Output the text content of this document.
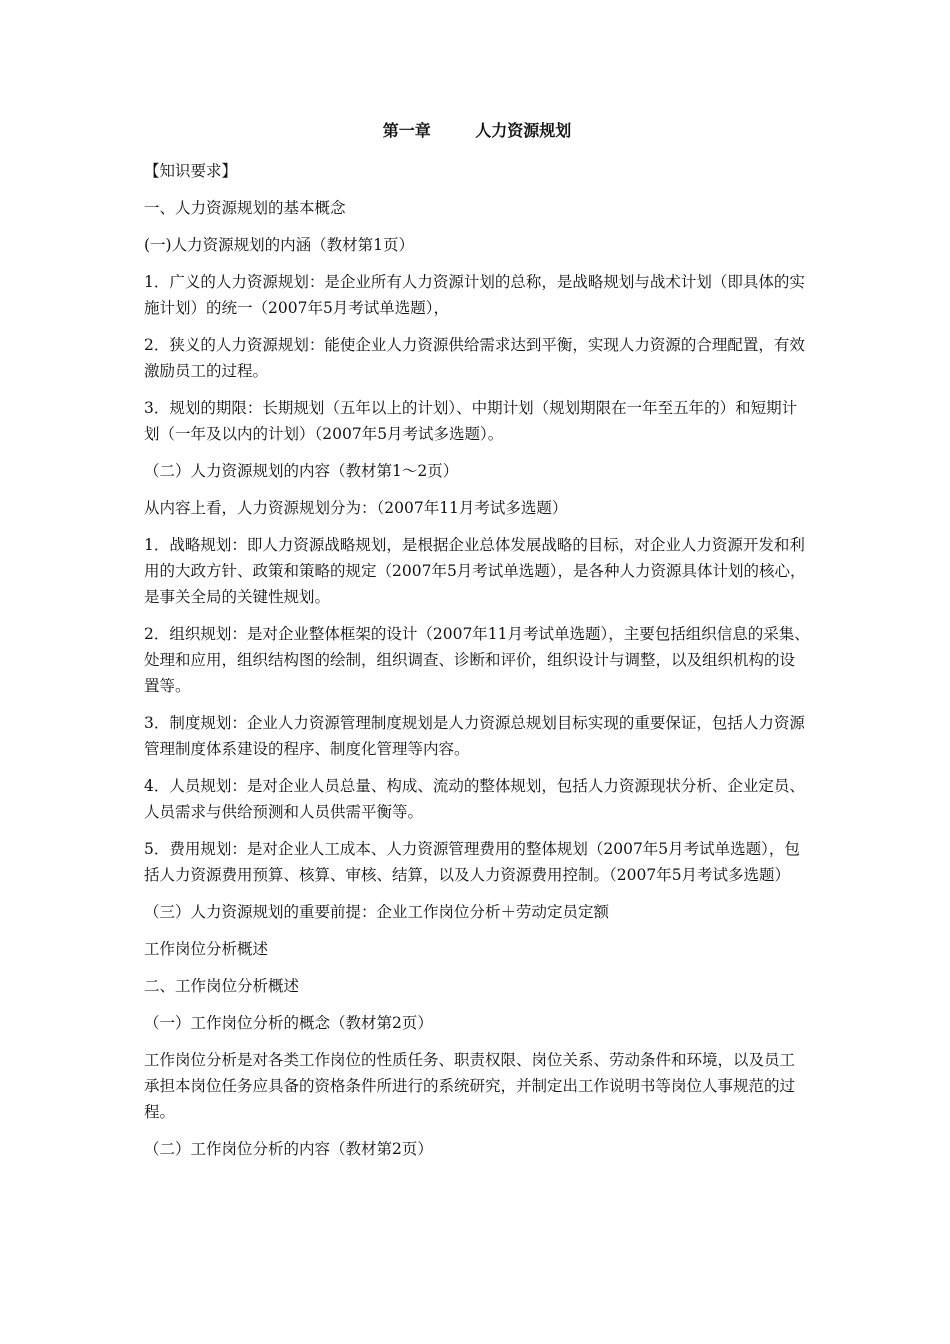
第一章        人力资源规划

【知识要求】

一、人力资源规划的基本概念

(一)人力资源规划的内涵（教材第1页）

1．广义的人力资源规划：是企业所有人力资源计划的总称，是战略规划与战术计划（即具体的实施计划）的统一（2007年5月考试单选题），

2．狭义的人力资源规划：能使企业人力资源供给需求达到平衡，实现人力资源的合理配置，有效激励员工的过程。

3．规划的期限：长期规划（五年以上的计划）、中期计划（规划期限在一年至五年的）和短期计划（一年及以内的计划）（2007年5月考试多选题）。

（二）人力资源规划的内容（教材第1～2页）

从内容上看，人力资源规划分为：（2007年11月考试多选题）

1．战略规划：即人力资源战略规划，是根据企业总体发展战略的目标，对企业人力资源开发和利用的大政方针、政策和策略的规定（2007年5月考试单选题），是各种人力资源具体计划的核心，是事关全局的关键性规划。

2．组织规划：是对企业整体框架的设计（2007年11月考试单选题），主要包括组织信息的采集、处理和应用，组织结构图的绘制，组织调查、诊断和评价，组织设计与调整，以及组织机构的设置等。

3．制度规划：企业人力资源管理制度规划是人力资源总规划目标实现的重要保证，包括人力资源管理制度体系建设的程序、制度化管理等内容。

4．人员规划：是对企业人员总量、构成、流动的整体规划，包括人力资源现状分析、企业定员、人员需求与供给预测和人员供需平衡等。

5．费用规划：是对企业人工成本、人力资源管理费用的整体规划（2007年5月考试单选题），包括人力资源费用预算、核算、审核、结算，以及人力资源费用控制。（2007年5月考试多选题）

（三）人力资源规划的重要前提：企业工作岗位分析＋劳动定员定额

工作岗位分析概述

二、工作岗位分析概述

（一）工作岗位分析的概念（教材第2页）

工作岗位分析是对各类工作岗位的性质任务、职责权限、岗位关系、劳动条件和环境，以及员工承担本岗位任务应具备的资格条件所进行的系统研究，并制定出工作说明书等岗位人事规范的过程。

（二）工作岗位分析的内容（教材第2页）
